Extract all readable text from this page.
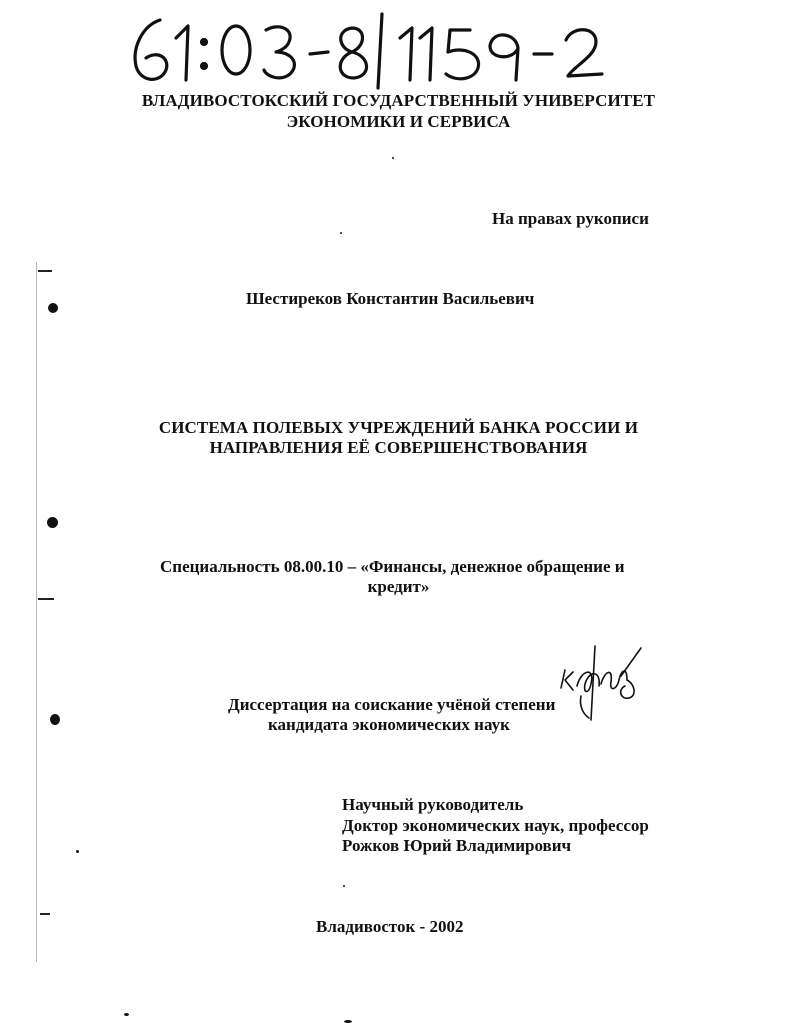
ВЛАДИВОСТОКСКИЙ ГОСУДАРСТВЕННЫЙ УНИВЕРСИТЕТ
ЭКОНОМИКИ И СЕРВИСА
На правах рукописи
Шестиреков Константин Васильевич
СИСТЕМА ПОЛЕВЫХ УЧРЕЖДЕНИЙ БАНКА РОССИИ И
НАПРАВЛЕНИЯ ЕЁ СОВЕРШЕНСТВОВАНИЯ
Специальность 08.00.10 – «Финансы, денежное обращение и
кредит»
Диссертация на соискание учёной степени
кандидата экономических наук
Научный руководитель
Доктор экономических наук, профессор
Рожков Юрий Владимирович
Владивосток - 2002
